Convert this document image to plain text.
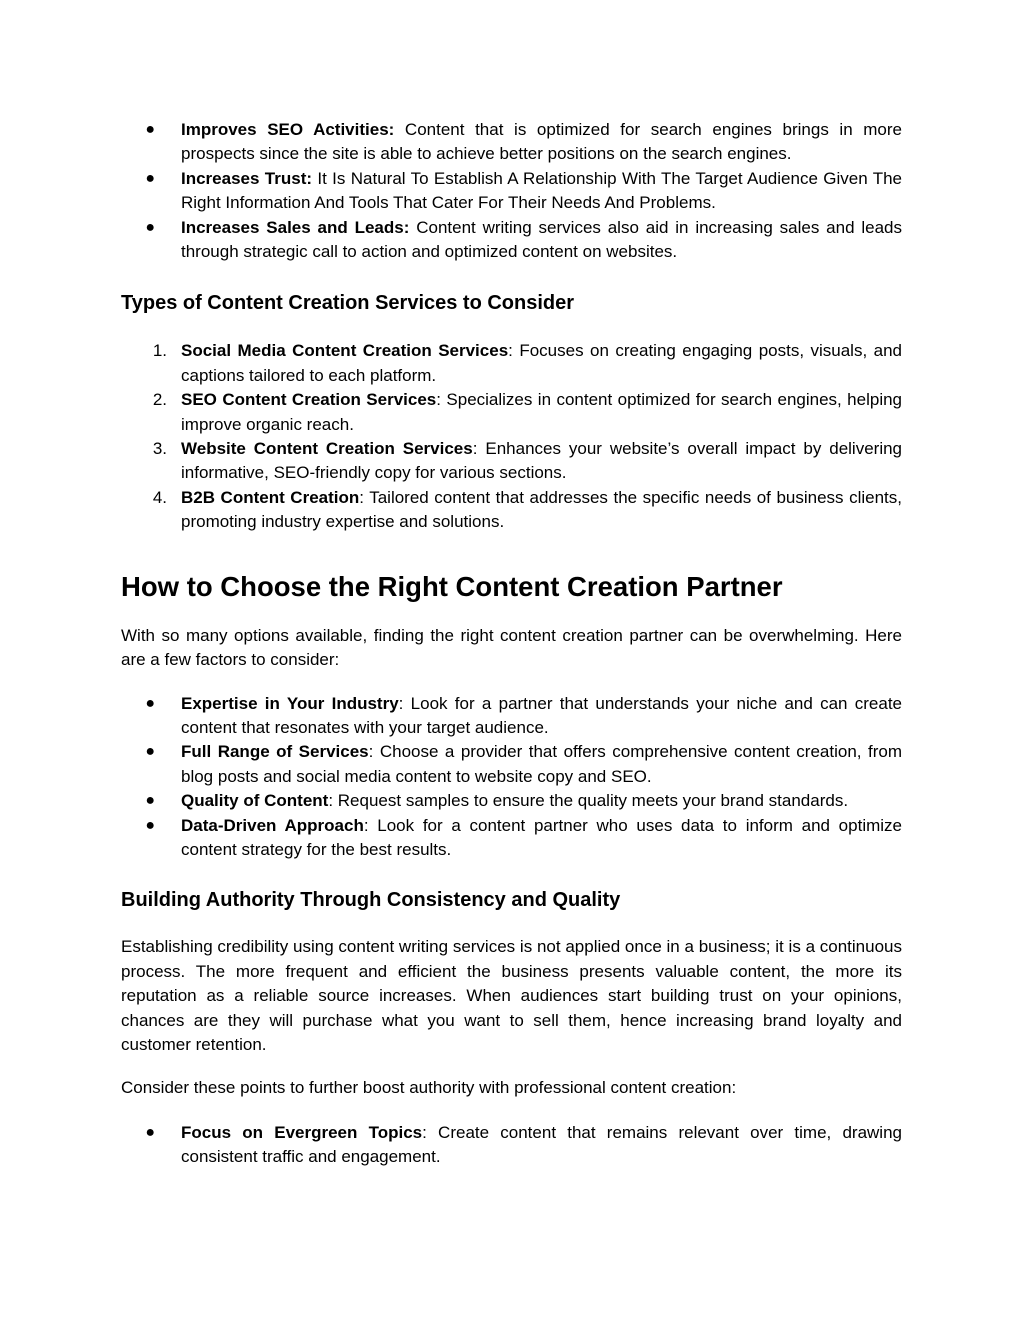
● Improves SEO Activities: Content that is optimized for search engines brings in more prospects since the site is able to achieve better positions on the search engines.
● Increases Trust: It Is Natural To Establish A Relationship With The Target Audience Given The Right Information And Tools That Cater For Their Needs And Problems.
● Increases Sales and Leads: Content writing services also aid in increasing sales and leads through strategic call to action and optimized content on websites.
Types of Content Creation Services to Consider
1. Social Media Content Creation Services: Focuses on creating engaging posts, visuals, and captions tailored to each platform.
2. SEO Content Creation Services: Specializes in content optimized for search engines, helping improve organic reach.
3. Website Content Creation Services: Enhances your website’s overall impact by delivering informative, SEO-friendly copy for various sections.
4. B2B Content Creation: Tailored content that addresses the specific needs of business clients, promoting industry expertise and solutions.
How to Choose the Right Content Creation Partner

With so many options available, finding the right content creation partner can be overwhelming. Here are a few factors to consider:

● Expertise in Your Industry: Look for a partner that understands your niche and can create content that resonates with your target audience.
● Full Range of Services: Choose a provider that offers comprehensive content creation, from blog posts and social media content to website copy and SEO.
● Quality of Content: Request samples to ensure the quality meets your brand standards.
● Data-Driven Approach: Look for a content partner who uses data to inform and optimize content strategy for the best results.
Building Authority Through Consistency and Quality

Establishing credibility using content writing services is not applied once in a business; it is a continuous process. The more frequent and efficient the business presents valuable content, the more its reputation as a reliable source increases. When audiences start building trust on your opinions, chances are they will purchase what you want to sell them, hence increasing brand loyalty and customer retention.

Consider these points to further boost authority with professional content creation:

● Focus on Evergreen Topics: Create content that remains relevant over time, drawing consistent traffic and engagement.
